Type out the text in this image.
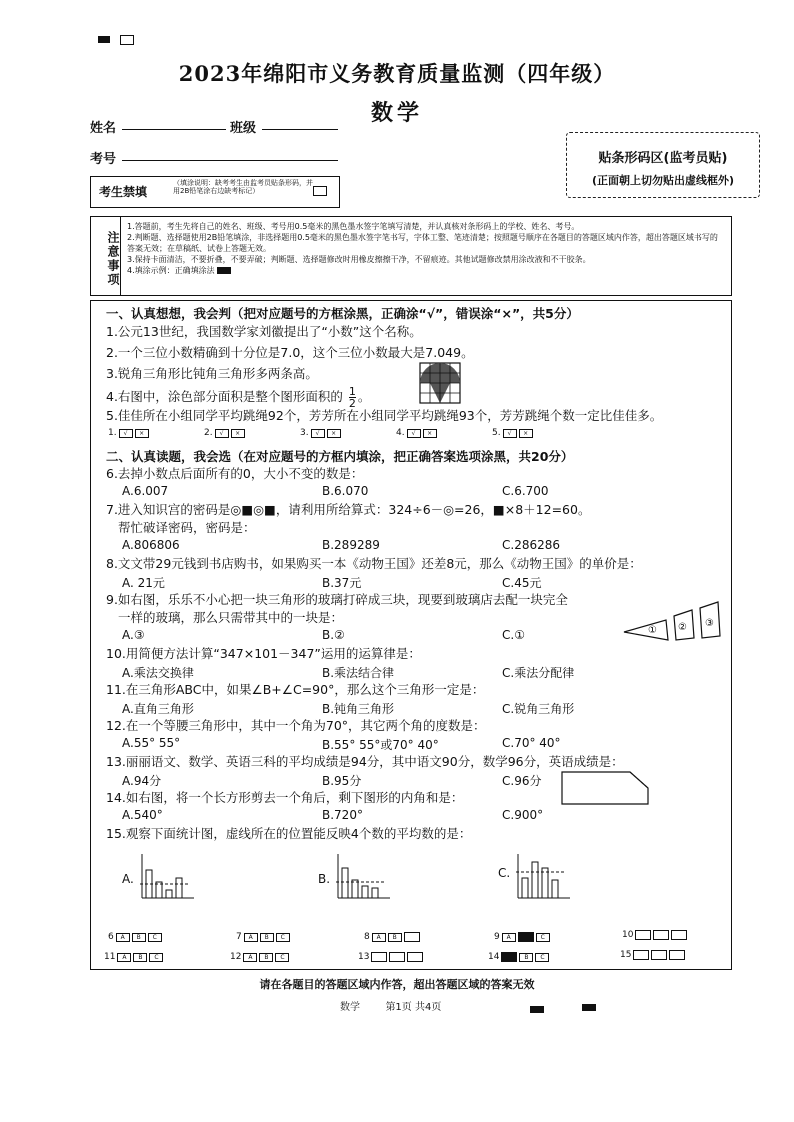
2023年绵阳市义务教育质量监测（四年级）
数学
姓名	班级
考号	贴条形码区(监考员贴)
(正面朝上切勿贴出虚线框外)
考生禁填
（填涂说明：缺考考生由监考员贴条形码，并用2B铅笔涂右边缺考标记）
注意事项
1.答题前，考生先将自己的姓名、班级、考号用0.5毫米的黑色墨水签字笔填写清楚，并认真核对条形码上的学校、姓名、考号。
2.判断题、选择题使用2B铅笔填涂，非选择题用0.5毫米的黑色墨水签字笔书写，字体工整、笔迹清楚；按照题号顺序在各题目的答题区域内作答，超出答题区域书写的答案无效；在草稿纸、试卷上答题无效。
3.保持卡面清洁，不要折叠，不要弄破；判断题、选择题修改时用橡皮擦擦干净，不留痕迹。其他试题修改禁用涂改液和不干胶条。
4.填涂示例：正确填涂法
一、认真想想，我会判（把对应题号的方框涂黑，正确涂“√”，错误涂“×”，共5分）
1.公元13世纪，我国数学家刘徽提出了“小数”这个名称。
2.一个三位小数精确到十分位是7.0，这个三位小数最大是7.049。
3.锐角三角形比钝角三角形多两条高。
4.右图中，涂色部分面积是整个图形面积的 $\frac{1}{2}$ 。
5.佳佳所在小组同学平均跳绳92个，芳芳所在小组同学平均跳绳93个，芳芳跳绳个数一定比佳佳多。
1.	√	×	2.	√	×	3.	√	×	4.	√	×	5.	√	×
二、认真读题，我会选（在对应题号的方框内填涂，把正确答案选项涂黑，共20分）
6.去掉小数点后面所有的0，大小不变的数是：
A.6.007	B.6.070	C.6.700
7.进入知识宫的密码是◎■◎■，请利用所给算式：324÷6－◎=26，■×8＋12=60。
帮忙破译密码，密码是：
A.806806	B.289289	C.286286
8.文文带29元钱到书店购书，如果购买一本《动物王国》还差8元，那么《动物王国》的单价是：
A. 21元	B.37元	C.45元
9.如右图，乐乐不小心把一块三角形的玻璃打碎成三块，现要到玻璃店去配一块完全
一样的玻璃，那么只需带其中的一块是：
A.③	B.②	C.①	① ② ③
10.用简便方法计算“347×101－347”运用的运算律是：
A.乘法交换律	B.乘法结合律	C.乘法分配律
11.在三角形ABC中，如果∠B+∠C=90°，那么这个三角形一定是：
A.直角三角形	B.钝角三角形	C.锐角三角形
12.在一个等腰三角形中，其中一个角为70°，其它两个角的度数是：
A.55° 55°	B.55° 55°或70° 40°	C.70° 40°
13.丽丽语文、数学、英语三科的平均成绩是94分，其中语文90分，数学96分，英语成绩是：
A.94分	B.95分	C.96分
14.如右图，将一个长方形剪去一个角后，剩下图形的内角和是：
A.540°	B.720°	C.900°
15.观察下面统计图，虚线所在的位置能反映4个数的平均数的是：
A.	B.	C.
6	A	B	C	7	A	B	C	8	A	B	9	A	C	10
11	A	B	C	12	A	B	C	13	14	B	C	15
请在各题目的答题区域内作答，超出答题区域的答案无效
数学	第1页 共4页
